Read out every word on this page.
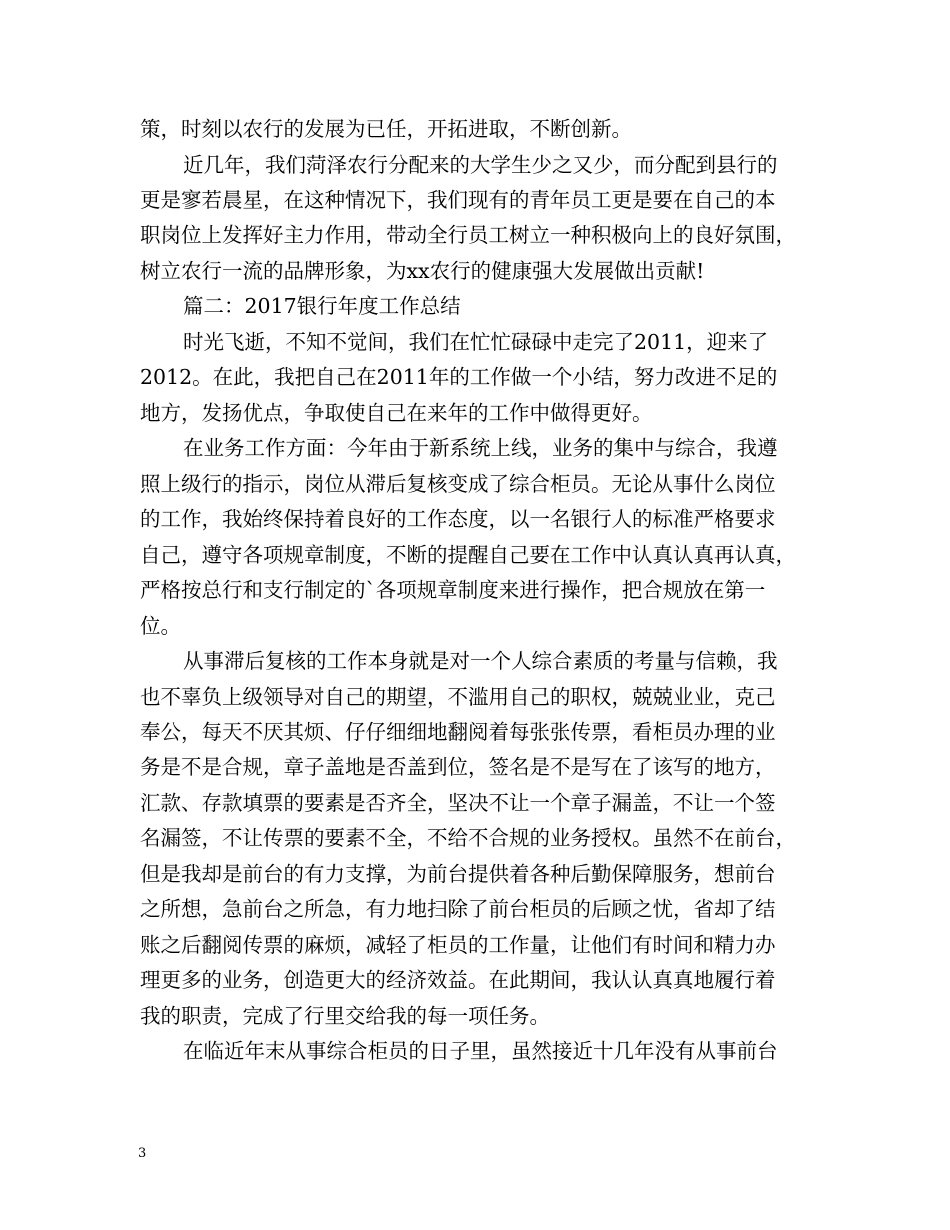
策，时刻以农行的发展为已任，开拓进取，不断创新。
近几年，我们菏泽农行分配来的大学生少之又少，而分配到县行的
更是寥若晨星，在这种情况下，我们现有的青年员工更是要在自己的本
职岗位上发挥好主力作用，带动全行员工树立一种积极向上的良好氛围，
树立农行一流的品牌形象，为xx农行的健康强大发展做出贡献!
篇二：2017银行年度工作总结
时光飞逝，不知不觉间，我们在忙忙碌碌中走完了2011，迎来了
2012。在此，我把自己在2011年的工作做一个小结，努力改进不足的
地方，发扬优点，争取使自己在来年的工作中做得更好。
在业务工作方面：今年由于新系统上线，业务的集中与综合，我遵
照上级行的指示，岗位从滞后复核变成了综合柜员。无论从事什么岗位
的工作，我始终保持着良好的工作态度，以一名银行人的标准严格要求
自己，遵守各项规章制度，不断的提醒自己要在工作中认真认真再认真，
严格按总行和支行制定的`各项规章制度来进行操作，把合规放在第一
位。
从事滞后复核的工作本身就是对一个人综合素质的考量与信赖，我
也不辜负上级领导对自己的期望，不滥用自己的职权，兢兢业业，克己
奉公，每天不厌其烦、仔仔细细地翻阅着每张张传票，看柜员办理的业
务是不是合规，章子盖地是否盖到位，签名是不是写在了该写的地方，
汇款、存款填票的要素是否齐全，坚决不让一个章子漏盖，不让一个签
名漏签，不让传票的要素不全，不给不合规的业务授权。虽然不在前台，
但是我却是前台的有力支撑，为前台提供着各种后勤保障服务，想前台
之所想，急前台之所急，有力地扫除了前台柜员的后顾之忧，省却了结
账之后翻阅传票的麻烦，减轻了柜员的工作量，让他们有时间和精力办
理更多的业务，创造更大的经济效益。在此期间，我认认真真地履行着
我的职责，完成了行里交给我的每一项任务。
在临近年末从事综合柜员的日子里，虽然接近十几年没有从事前台
3
